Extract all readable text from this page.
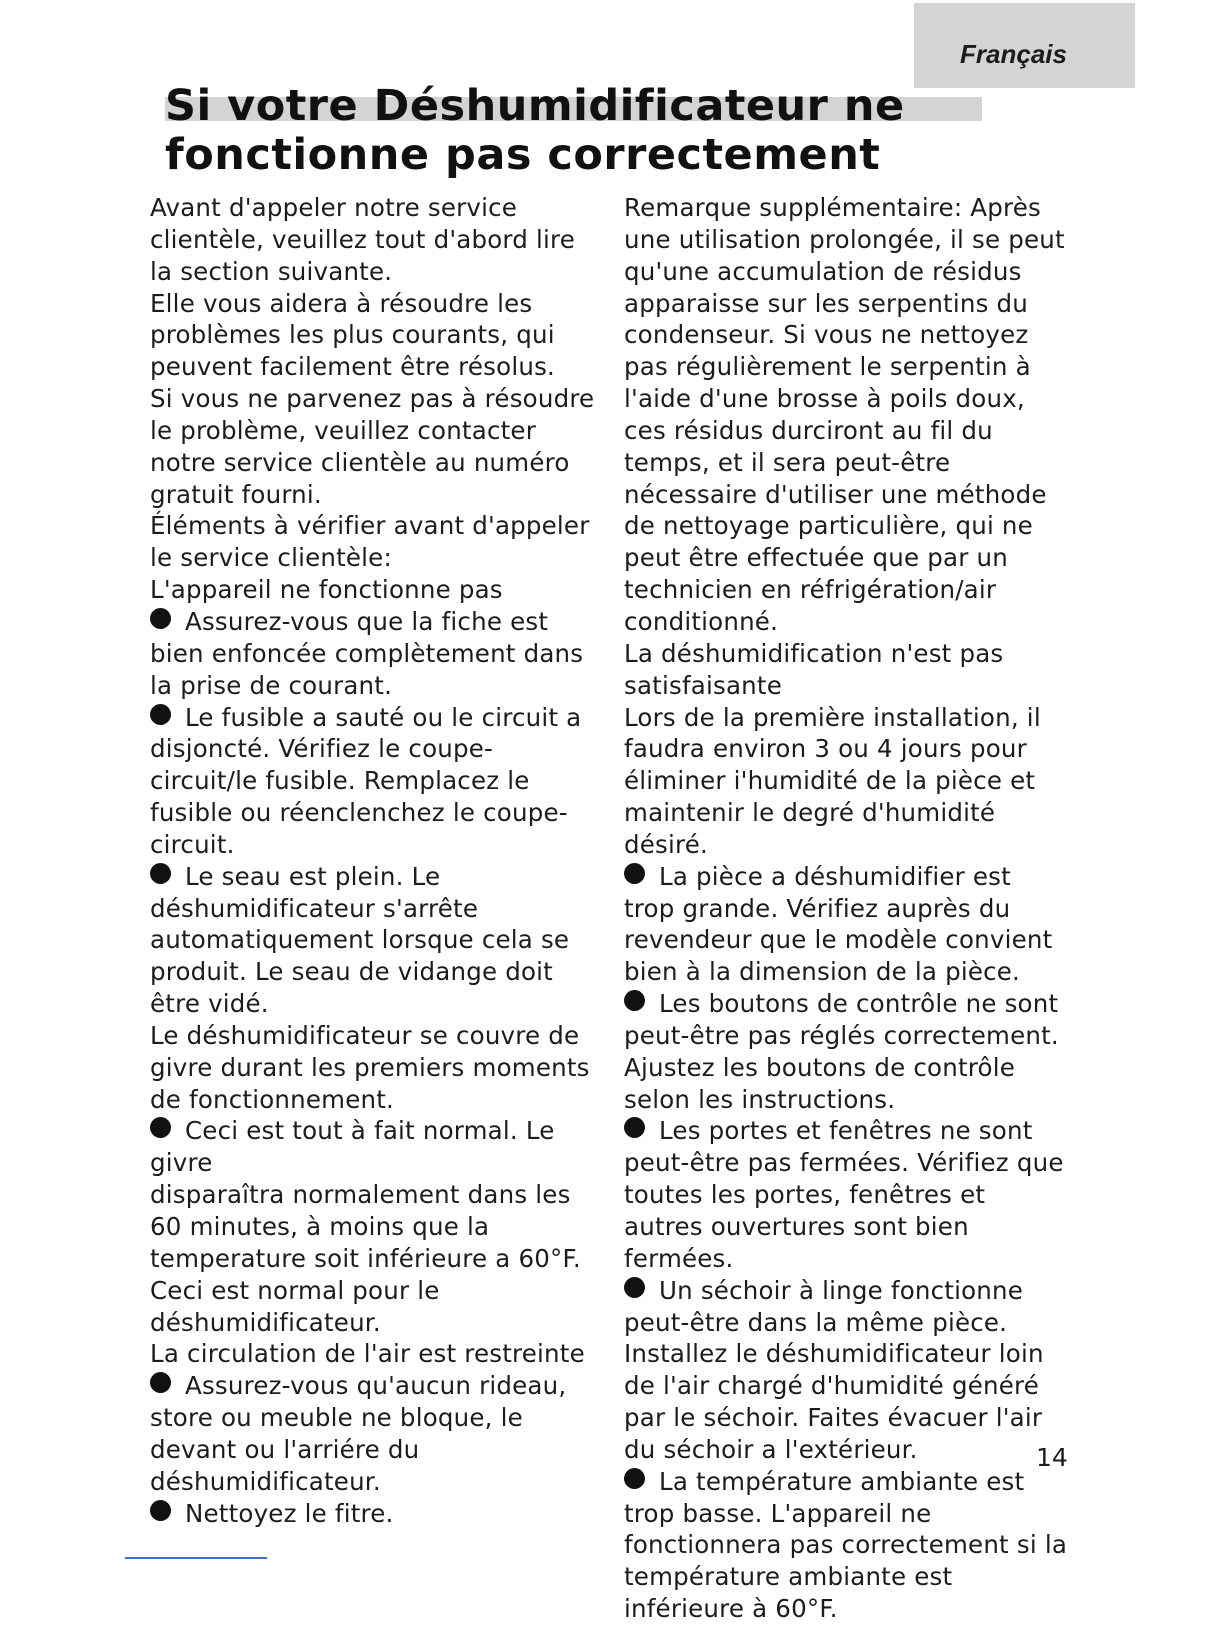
Français
Si votre Déshumidificateur ne
fonctionne pas correctement

Avant d'appeler notre service clientèle, veuillez tout d'abord lire la section suivante.

Elle vous aidera à résoudre les problèmes les plus courants, qui peuvent facilement être résolus.

Si vous ne parvenez pas à résoudre le problème, veuillez contacter notre service clientèle au numéro gratuit fourni.

Éléments à vérifier avant d'appeler le service clientèle:

L'appareil ne fonctionne pas

Assurez-vous que la fiche est bien enfoncée complètement dans la prise de courant.

Le fusible a sauté ou le circuit a disjoncté. Vérifiez le coupe-circuit/le fusible. Remplacez le fusible ou réenclenchez le coupe-circuit.

Le seau est plein. Le déshumidificateur s'arrête automatiquement lorsque cela se produit. Le seau de vidange doit être vidé.

Le déshumidificateur se couvre de givre durant les premiers moments de fonctionnement.

Ceci est tout à fait normal. Le givre

disparaîtra normalement dans les 60 minutes, à moins que la temperature soit inférieure a 60°F. Ceci est normal pour le déshumidificateur.

La circulation de l'air est restreinte

Assurez-vous qu'aucun rideau, store ou meuble ne bloque, le devant ou l'arriére du déshumidificateur.

Nettoyez le fitre.

Remarque supplémentaire: Après une utilisation prolongée, il se peut qu'une accumulation de résidus apparaisse sur les serpentins du condenseur. Si vous ne nettoyez pas régulièrement le serpentin à l'aide d'une brosse à poils doux, ces résidus durciront au fil du temps, et il sera peut-être nécessaire d'utiliser une méthode de nettoyage particulière, qui ne peut être effectuée que par un technicien en réfrigération/air conditionné.

La déshumidification n'est pas satisfaisante

Lors de la première installation, il faudra environ 3 ou 4 jours pour éliminer i'humidité de la pièce et maintenir le degré d'humidité désiré.

La pièce a déshumidifier est trop grande. Vérifiez auprès du revendeur que le modèle convient bien à la dimension de la pièce.

Les boutons de contrôle ne sont peut-être pas réglés correctement. Ajustez les boutons de contrôle selon les instructions.

Les portes et fenêtres ne sont peut-être pas fermées. Vérifiez que toutes les portes, fenêtres et autres ouvertures sont bien fermées.

Un séchoir à linge fonctionne peut-être dans la même pièce. Installez le déshumidificateur loin de l'air chargé d'humidité généré par le séchoir. Faites évacuer l'air du séchoir a l'extérieur.

La température ambiante est trop basse. L'appareil ne fonctionnera pas correctement si la température ambiante est inférieure à 60°F.

14
